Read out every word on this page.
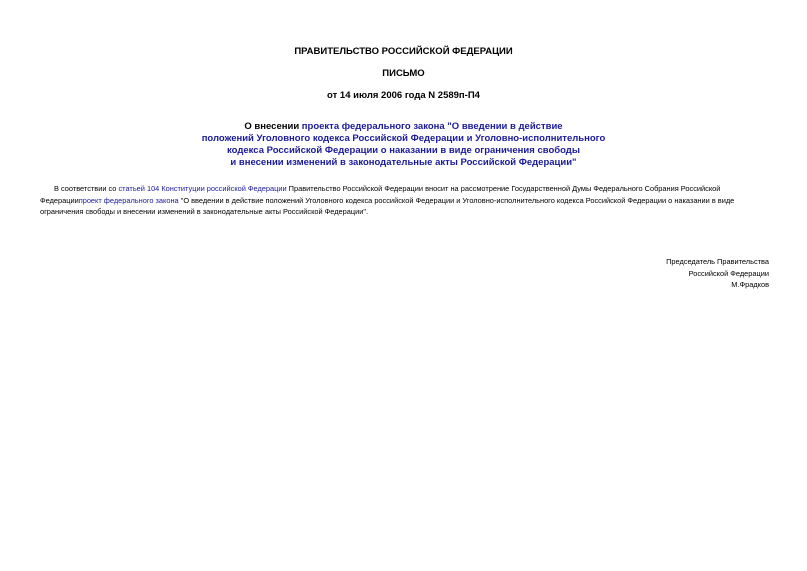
ПРАВИТЕЛЬСТВО РОССИЙСКОЙ ФЕДЕРАЦИИ
ПИСЬМО
от 14 июля 2006 года N 2589п-П4
О внесении проекта федерального закона "О введении в действие
положений Уголовного кодекса Российской Федерации и Уголовно-исполнительного
кодекса Российской Федерации о наказании в виде ограничения свободы
и внесении изменений в законодательные акты Российской Федерации"
В соответствии со статьей 104 Конституции российской Федерации Правительство Российской Федерации вносит на рассмотрение Государственной Думы Федерального Собрания Российской Федерациипроект федерального закона "О введении в действие положений Уголовного кодекса российской Федерации и Уголовно-исполнительного кодекса Российской Федерации о наказании в виде ограничения свободы и внесении изменений в законодательные акты Российской Федерации".
Председатель Правительства
Российской Федерации
М.Фрадков
